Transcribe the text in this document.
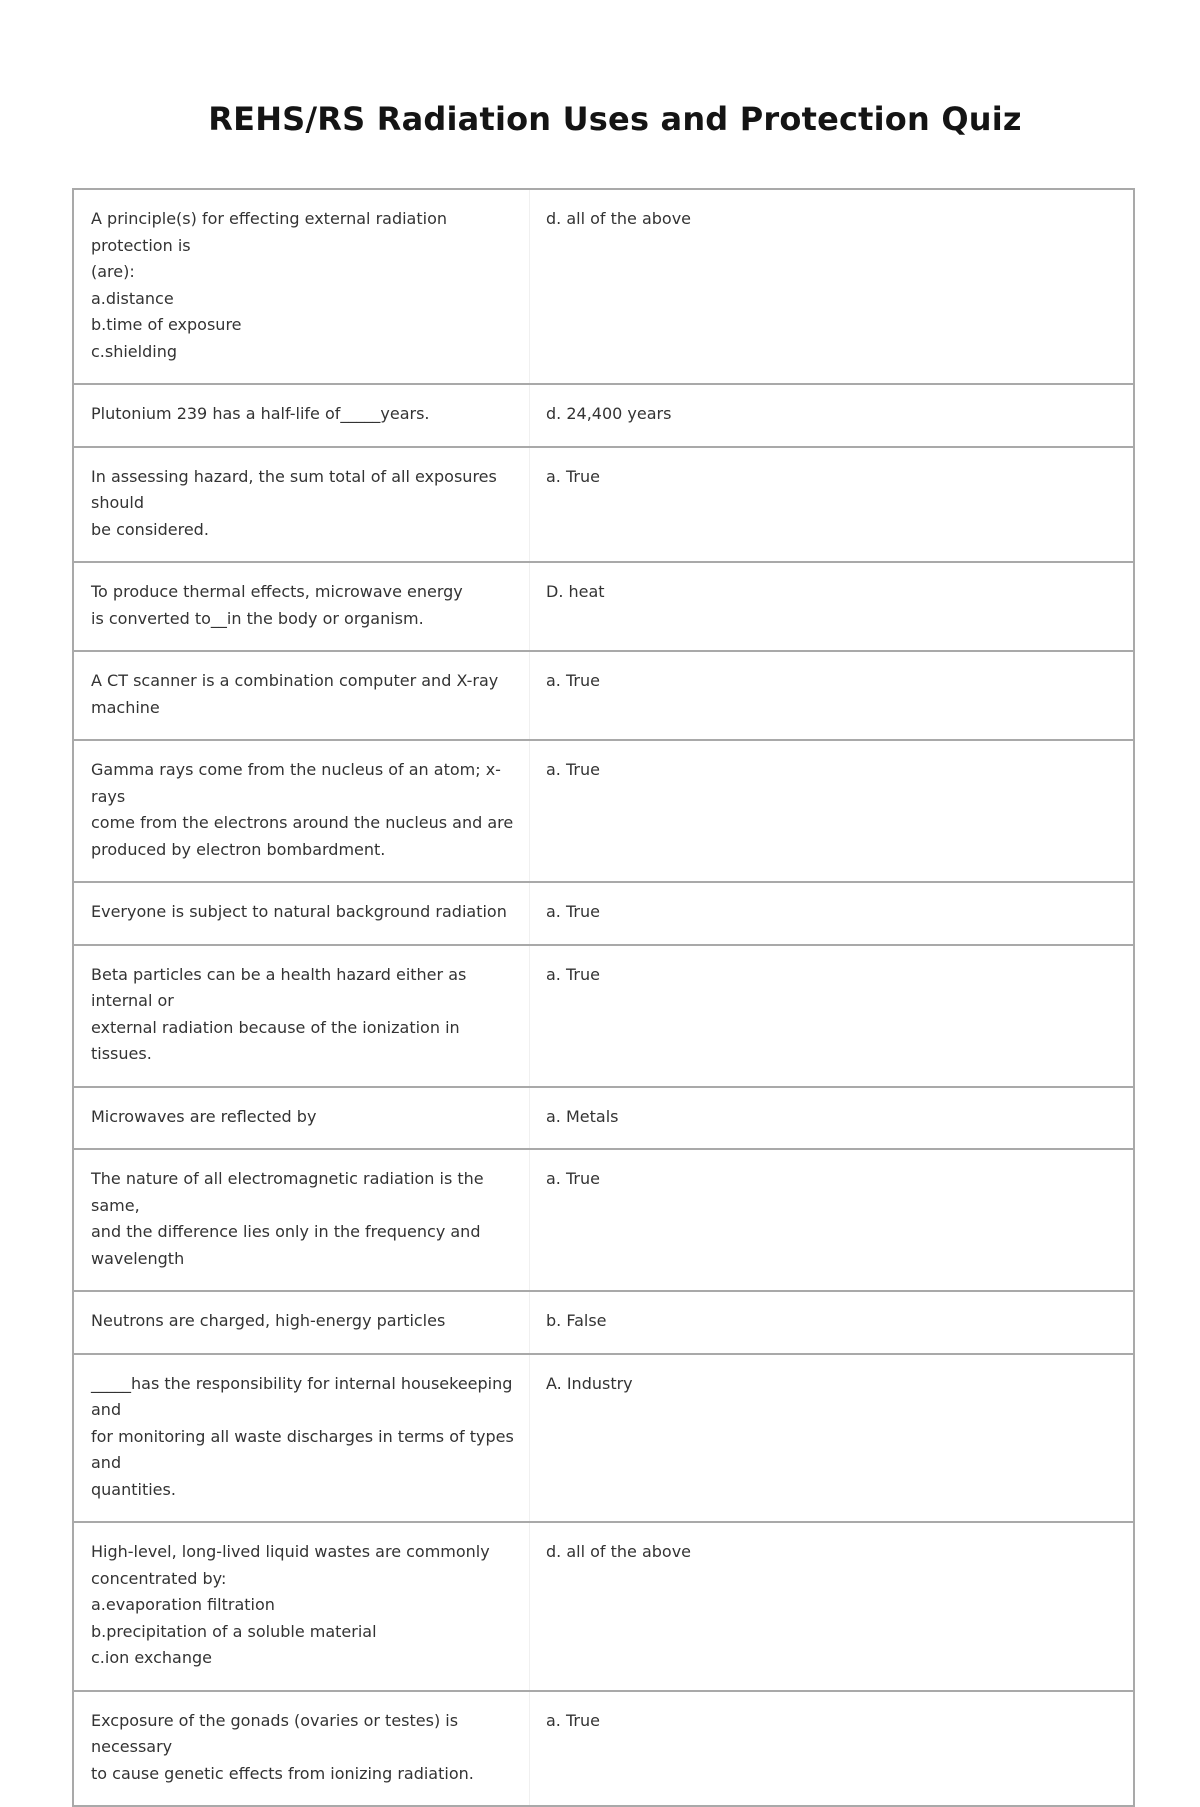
REHS/RS Radiation Uses and Protection Quiz
A principle(s) for effecting external radiation protection is
(are):
a.distance
b.time of exposure
c.shielding	d. all of the above

Plutonium 239 has a half-life of_____years.	d. 24,400 years

In assessing hazard, the sum total of all exposures should
be considered.	a. True

To produce thermal effects, microwave energy
is converted to__in the body or organism.	D. heat

A CT scanner is a combination computer and X-ray
machine	a. True

Gamma rays come from the nucleus of an atom; x-rays
come from the electrons around the nucleus and are
produced by electron bombardment.	a. True

Everyone is subject to natural background radiation	a. True

Beta particles can be a health hazard either as internal or
external radiation because of the ionization in tissues.	a. True

Microwaves are reflected by	a. Metals

The nature of all electromagnetic radiation is the same,
and the difference lies only in the frequency and
wavelength	a. True

Neutrons are charged, high-energy particles	b. False

_____has the responsibility for internal housekeeping and
for monitoring all waste discharges in terms of types and
quantities.	A. Industry

High-level, long-lived liquid wastes are commonly
concentrated by:
a.evaporation filtration
b.precipitation of a soluble material
c.ion exchange	d. all of the above

Excposure of the gonads (ovaries or testes) is necessary
to cause genetic effects from ionizing radiation.	a. True
